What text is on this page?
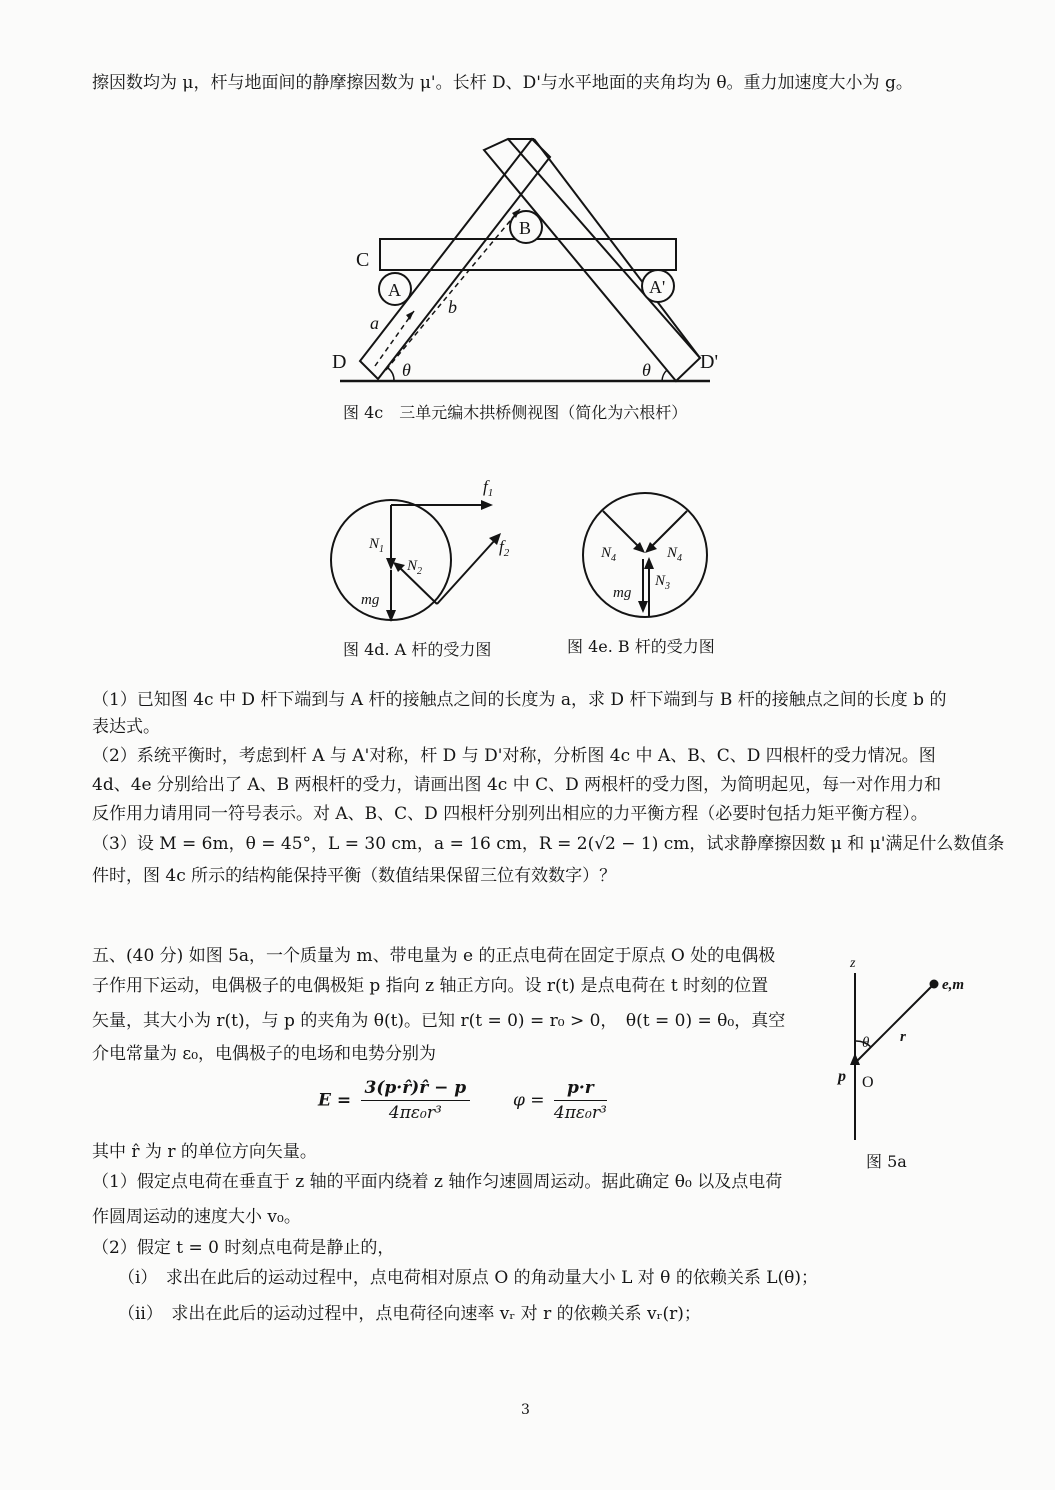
擦因数均为 μ，杆与地面间的静摩擦因数为 μ'。长杆 D、D'与水平地面的夹角均为 θ。重力加速度大小为 g。
C
A	A'
B
D	D'
a
b
θ	θ
图 4c　三单元编木拱桥侧视图（简化为六根杆）
$f_1$
$f_2$
$N_1$
$N_2$
mg
图 4d. A 杆的受力图
$N_4$	$N_4$
$N_3$
mg
图 4e. B 杆的受力图
（1）已知图 4c 中 D 杆下端到与 A 杆的接触点之间的长度为 a，求 D 杆下端到与 B 杆的接触点之间的长度 b 的
表达式。
（2）系统平衡时，考虑到杆 A 与 A'对称，杆 D 与 D'对称，分析图 4c 中 A、B、C、D 四根杆的受力情况。图
4d、4e 分别给出了 A、B 两根杆的受力，请画出图 4c 中 C、D 两根杆的受力图，为简明起见，每一对作用力和
反作用力请用同一符号表示。对 A、B、C、D 四根杆分别列出相应的力平衡方程（必要时包括力矩平衡方程）。
（3）设 M = 6m，θ = 45°，L = 30 cm，a = 16 cm，R = 2(√2 − 1) cm，试求静摩擦因数 μ 和 μ'满足什么数值条
件时，图 4c 所示的结构能保持平衡（数值结果保留三位有效数字）？
五、(40 分) 如图 5a，一个质量为 m、带电量为 e 的正点电荷在固定于原点 O 处的电偶极
子作用下运动，电偶极子的电偶极矩 p 指向 z 轴正方向。设 r(t) 是点电荷在 t 时刻的位置
矢量，其大小为 r(t)，与 p 的夹角为 θ(t)。已知 r(t = 0) = r₀ > 0，　θ(t = 0) = θ₀，真空
介电常量为 ε₀，电偶极子的电场和电势分别为
$E = \frac{3(p\cdot r̂)r̂ - p}{\text{4πε₀r³}}$	$\varphi = \frac{p\cdot r}{\text{4πε₀r³}}$
其中 r̂ 为 r 的单位方向矢量。
（1）假定点电荷在垂直于 z 轴的平面内绕着 z 轴作匀速圆周运动。据此确定 θ₀ 以及点电荷
作圆周运动的速度大小 v₀。
（2）假定 t = 0 时刻点电荷是静止的，
（i）　求出在此后的运动过程中，点电荷相对原点 O 的角动量大小 L 对 θ 的依赖关系 L(θ)；
（ii）　求出在此后的运动过程中，点电荷径向速率 vᵣ 对 r 的依赖关系 vᵣ(r)；
z
e,m
θ r
p O
图 5a
3
